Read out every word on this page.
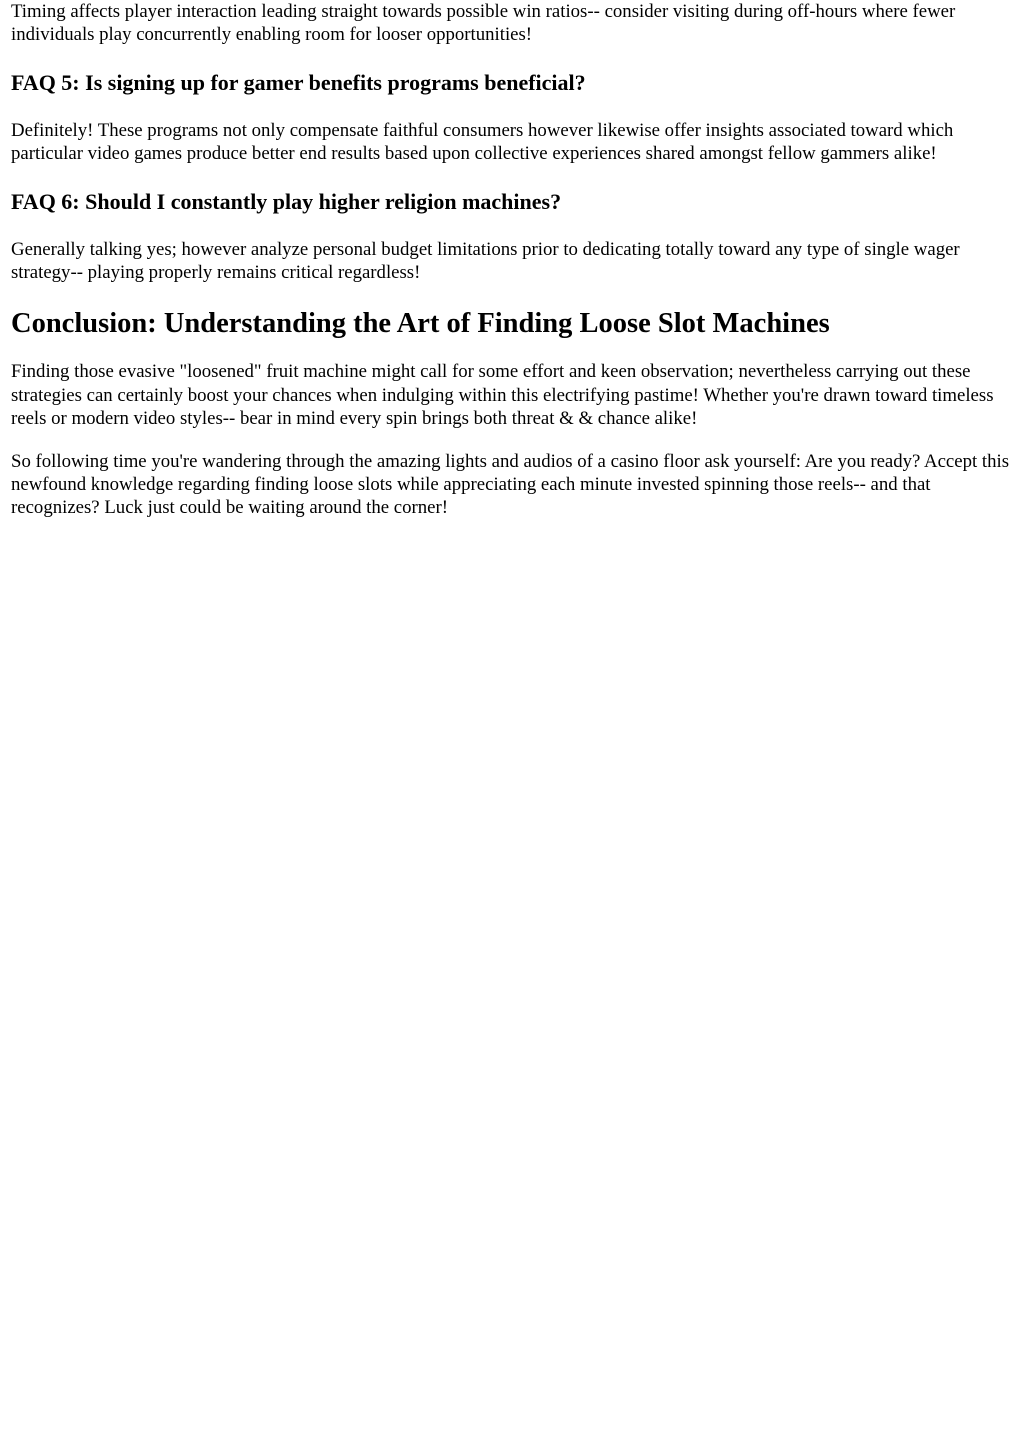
Timing affects player interaction leading straight towards possible win ratios-- consider visiting during off-hours where fewer individuals play concurrently enabling room for looser opportunities!

FAQ 5: Is signing up for gamer benefits programs beneficial?

Definitely! These programs not only compensate faithful consumers however likewise offer insights associated toward which particular video games produce better end results based upon collective experiences shared amongst fellow gammers alike!

FAQ 6: Should I constantly play higher religion machines?

Generally talking yes; however analyze personal budget limitations prior to dedicating totally toward any type of single wager strategy-- playing properly remains critical regardless!

Conclusion: Understanding the Art of Finding Loose Slot Machines

Finding those evasive "loosened" fruit machine might call for some effort and keen observation; nevertheless carrying out these strategies can certainly boost your chances when indulging within this electrifying pastime! Whether you're drawn toward timeless reels or modern video styles-- bear in mind every spin brings both threat & & chance alike!

So following time you're wandering through the amazing lights and audios of a casino floor ask yourself: Are you ready? Accept this newfound knowledge regarding finding loose slots while appreciating each minute invested spinning those reels-- and that recognizes? Luck just could be waiting around the corner!
